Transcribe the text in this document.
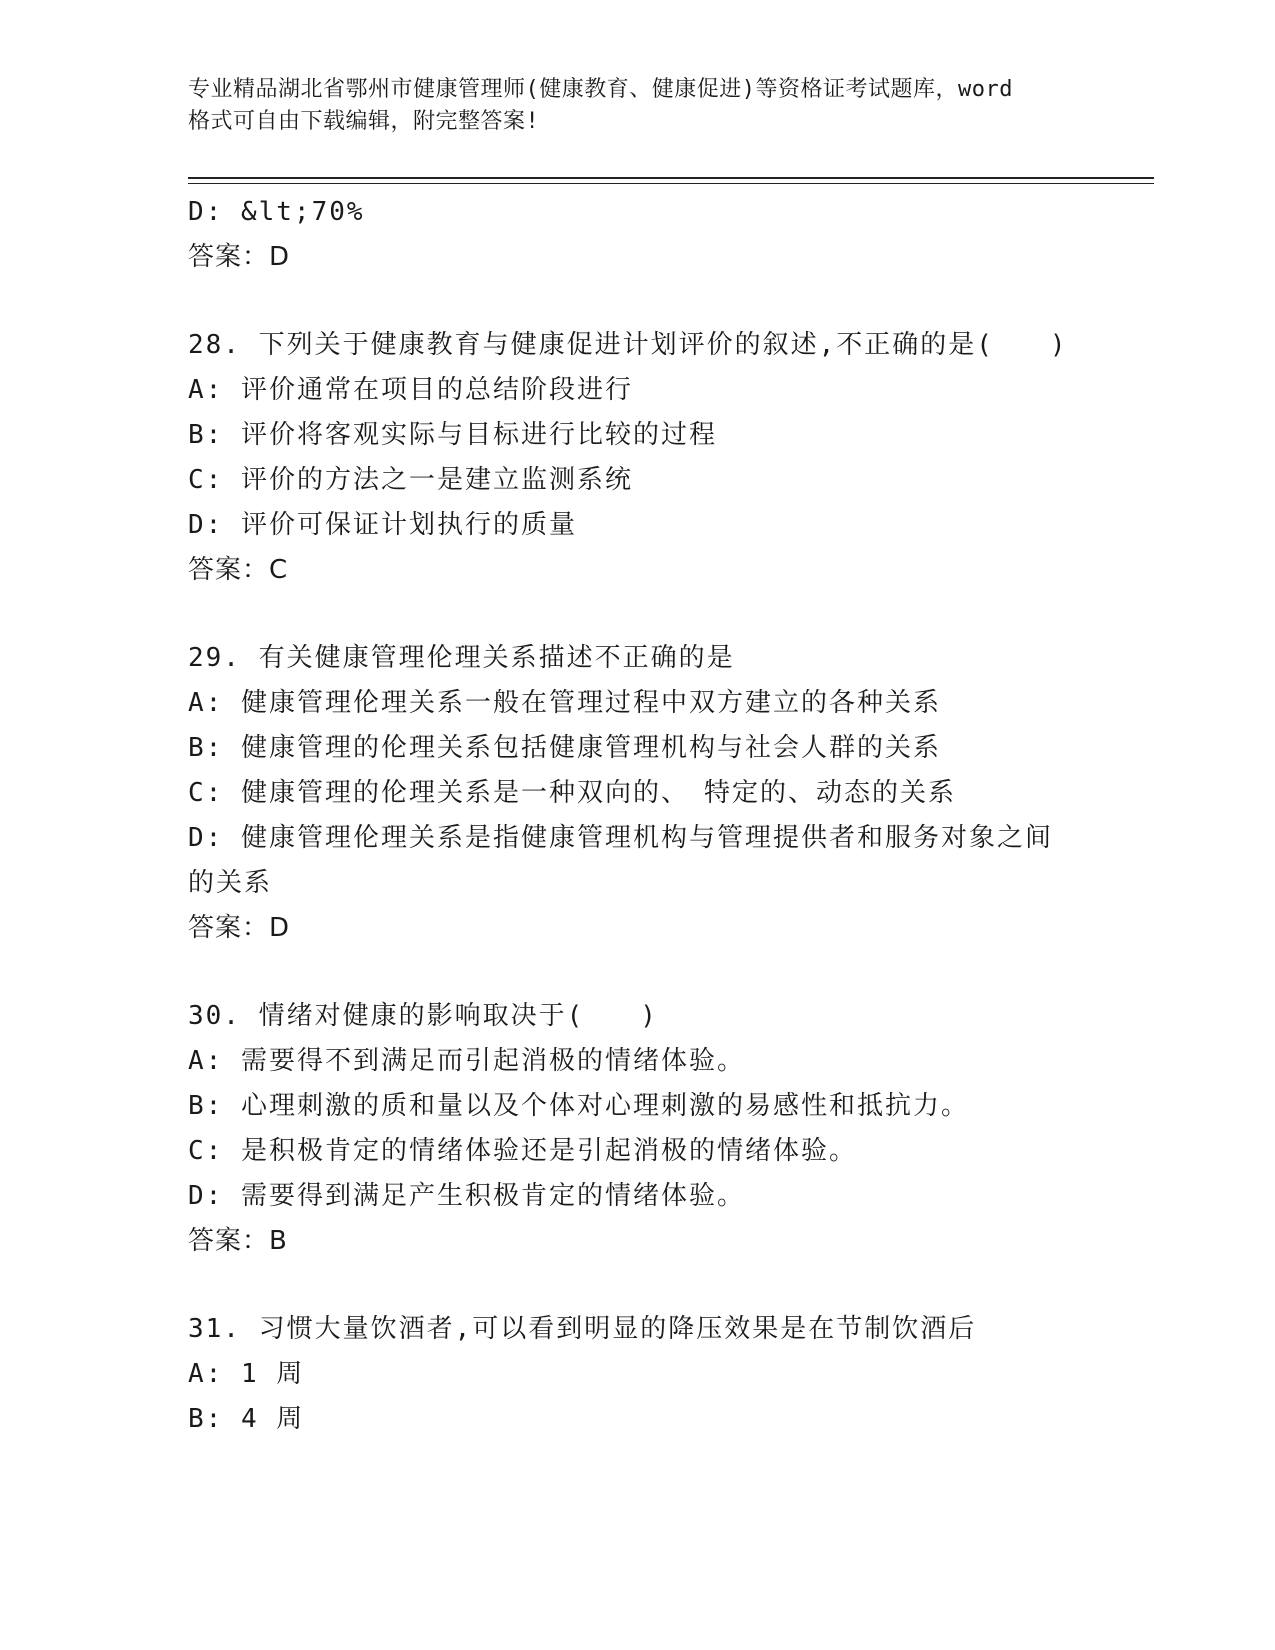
专业精品湖北省鄂州市健康管理师(健康教育、健康促进)等资格证考试题库，word
格式可自由下载编辑，附完整答案!
D: &lt;70%
答案：D
28. 下列关于健康教育与健康促进计划评价的叙述,不正确的是(　　)
A: 评价通常在项目的总结阶段进行
B: 评价将客观实际与目标进行比较的过程
C: 评价的方法之一是建立监测系统
D: 评价可保证计划执行的质量
答案：C
29. 有关健康管理伦理关系描述不正确的是
A: 健康管理伦理关系一般在管理过程中双方建立的各种关系
B: 健康管理的伦理关系包括健康管理机构与社会人群的关系
C: 健康管理的伦理关系是一种双向的、　特定的、动态的关系
D: 健康管理伦理关系是指健康管理机构与管理提供者和服务对象之间
的关系
答案：D
30. 情绪对健康的影响取决于(　　)
A: 需要得不到满足而引起消极的情绪体验。
B: 心理刺激的质和量以及个体对心理刺激的易感性和抵抗力。
C: 是积极肯定的情绪体验还是引起消极的情绪体验。
D: 需要得到满足产生积极肯定的情绪体验。
答案：B
31. 习惯大量饮酒者,可以看到明显的降压效果是在节制饮酒后
A: 1 周
B: 4 周
